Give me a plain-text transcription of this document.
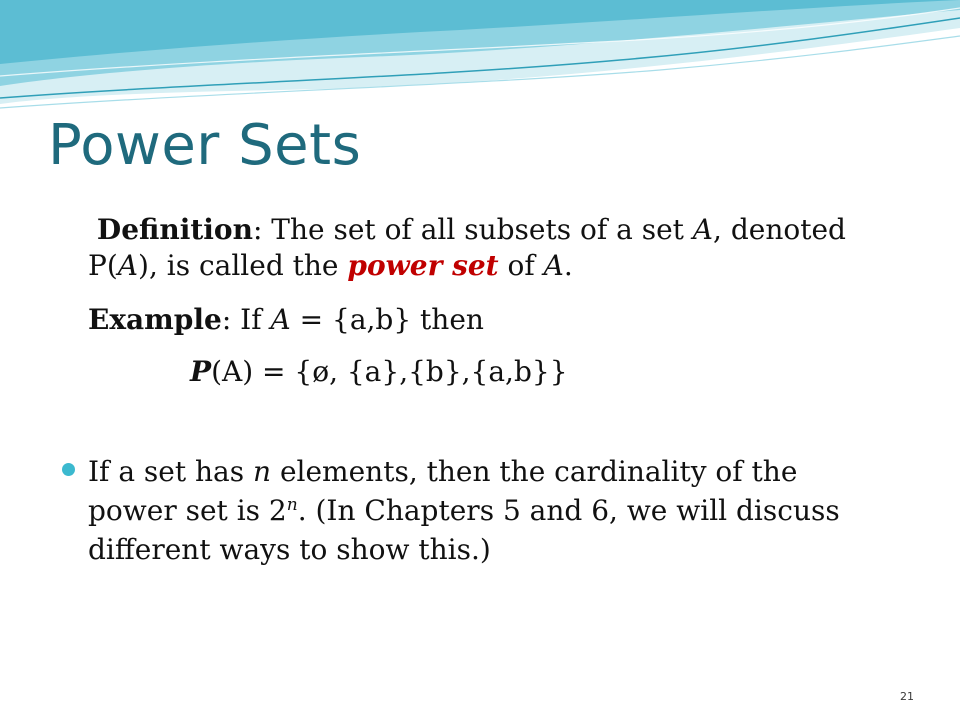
Power Sets
Definition: The set of all subsets of a set A, denoted
P(A), is called the power set of A.
Example: If A = {a,b} then
P(A) = {ø, {a},{b},{a,b}}
If a set has n elements, then the cardinality of the power set is 2$^n$. (In Chapters 5 and 6, we will discuss different ways to show this.)
21
